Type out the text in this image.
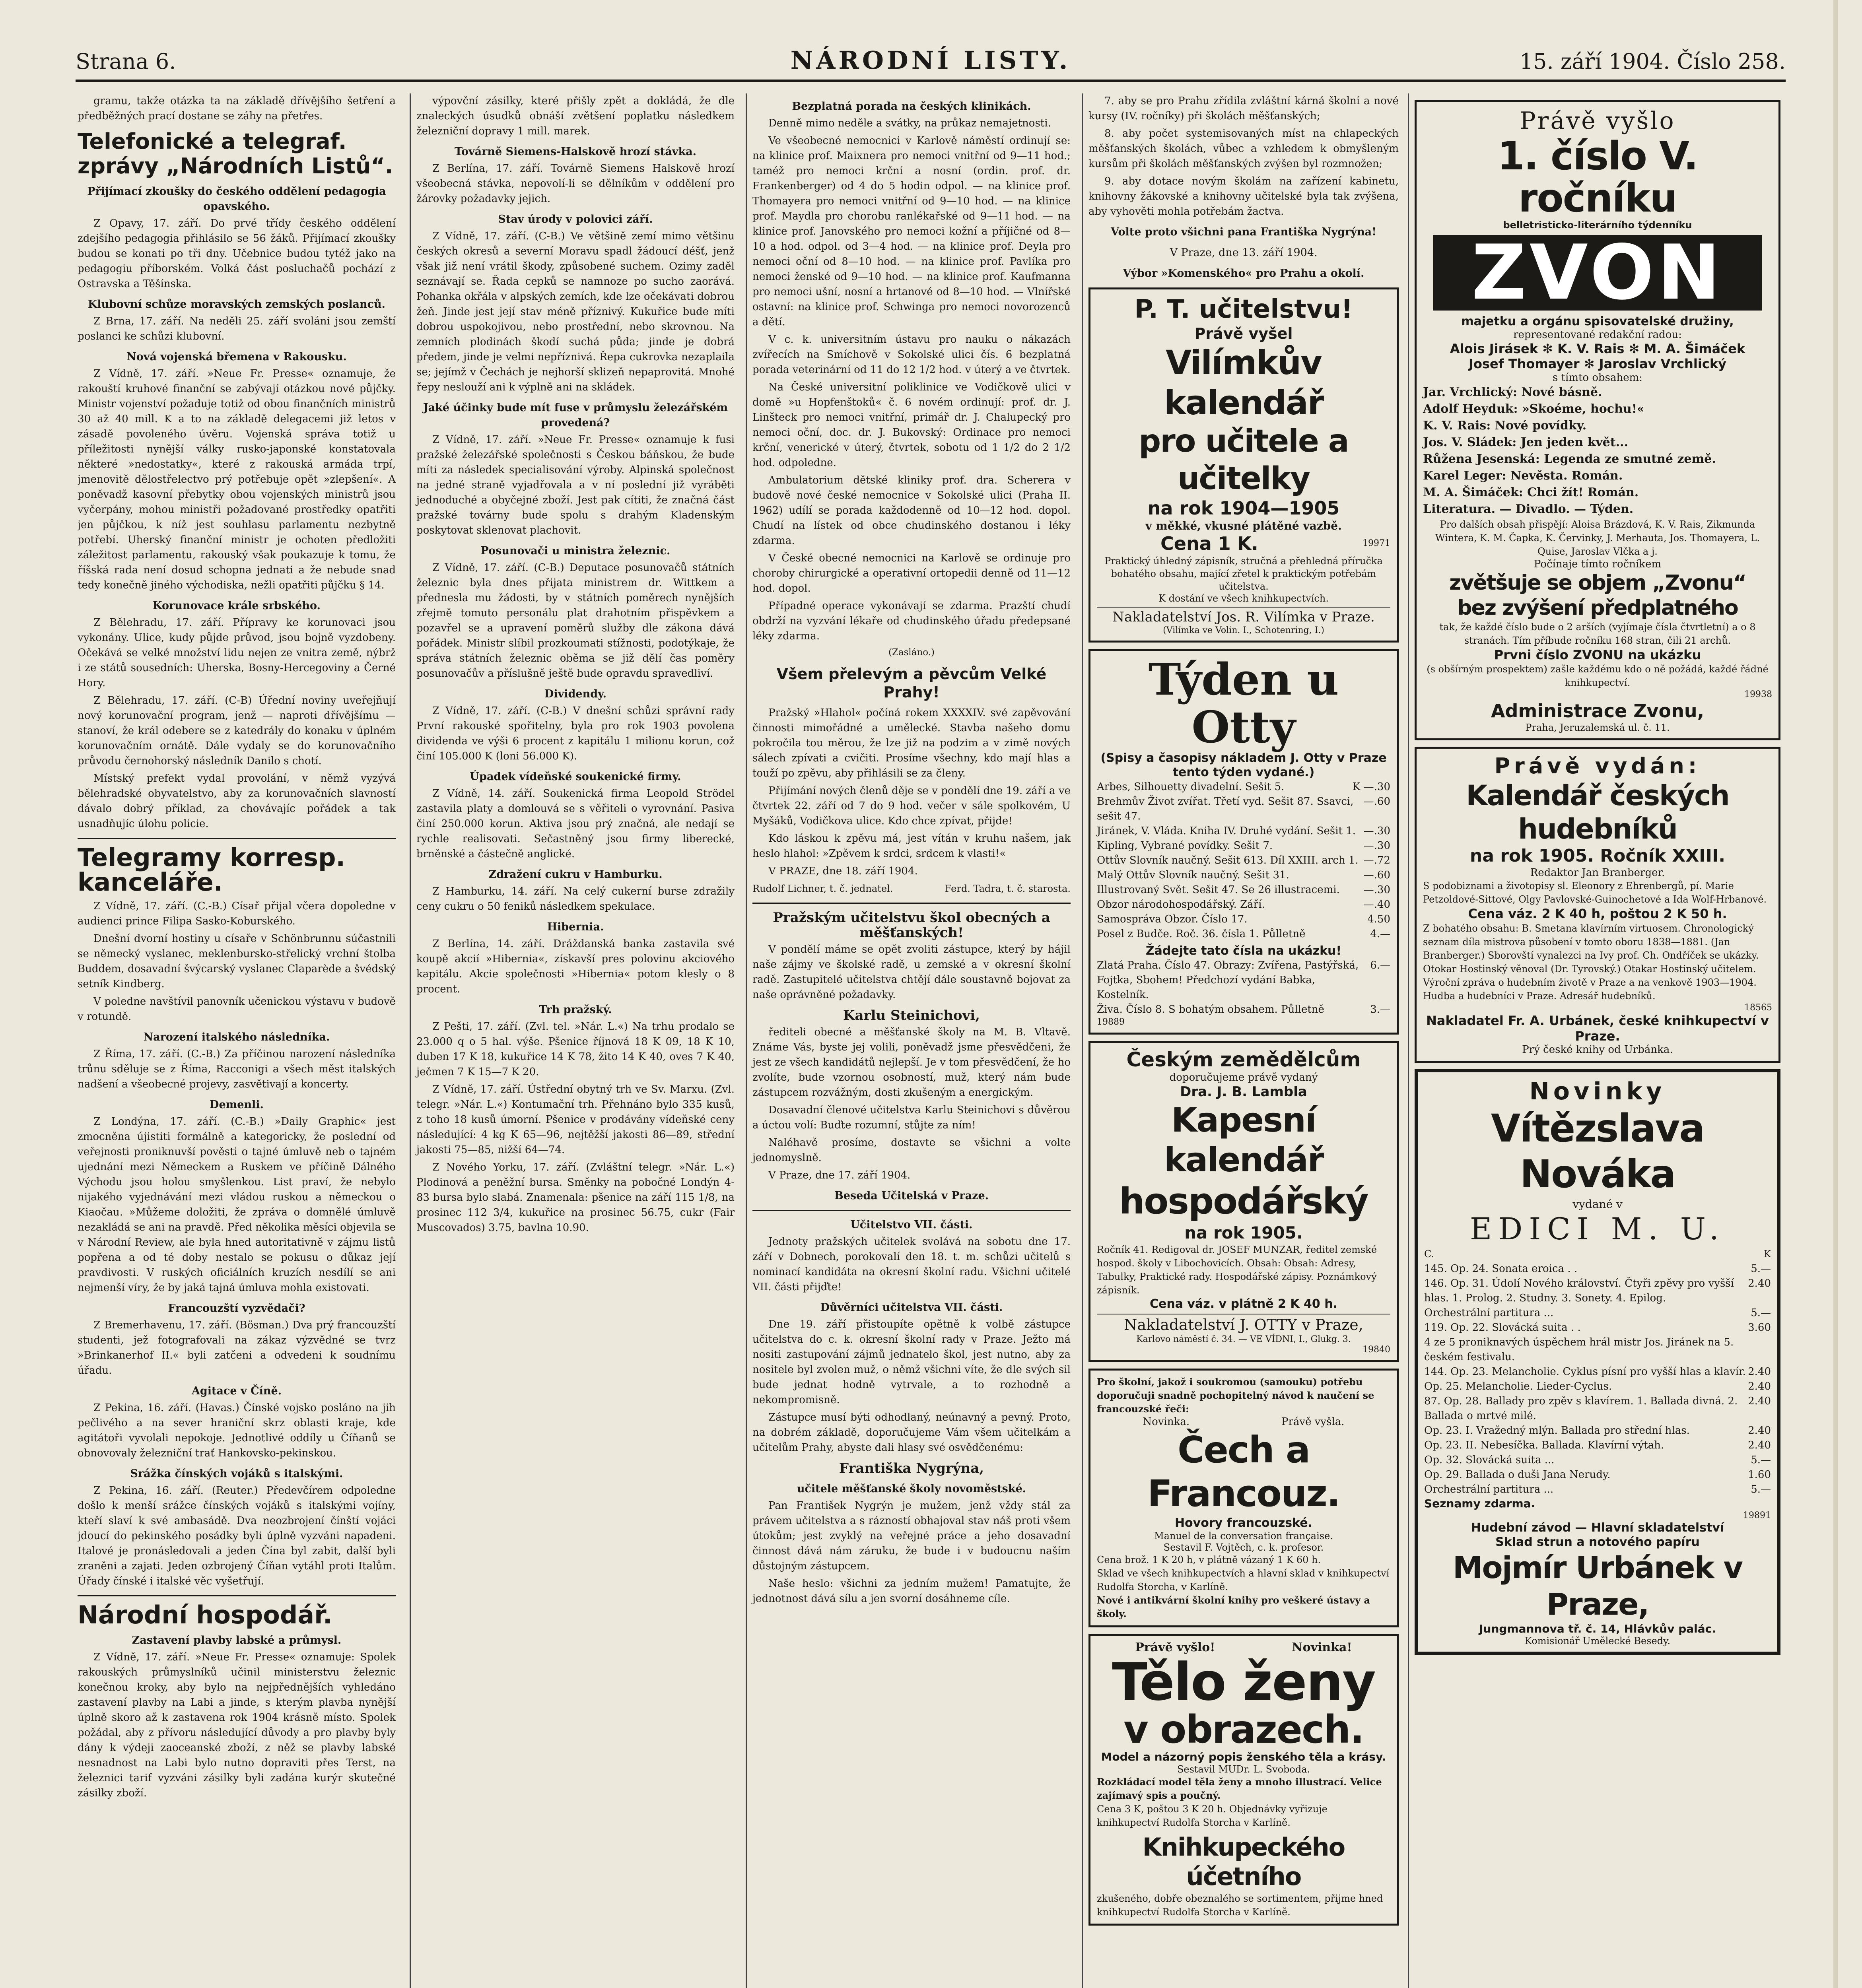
Strana 6.	NÁRODNÍ LISTY.	15. září 1904. Číslo 258.

gramu, takže otázka ta na základě dřívějšího šetření a předběžných prací dostane se záhy na přetřes.

Telefonické a telegraf. zprávy „Národních Listů“.
Přijímací zkoušky do českého oddělení pedagogia opavského.

Z Opavy, 17. září. Do prvé třídy českého oddělení zdejšího pedagogia přihlásilo se 56 žáků. Přijímací zkoušky budou se konati po tři dny. Učebnice budou tytéž jako na pedagogiu příborském. Volká část posluchačů pochází z Ostravska a Těšínska.

Klubovní schůze moravských zemských poslanců.

Z Brna, 17. září. Na neděli 25. září svoláni jsou zemští poslanci ke schůzi klubovní.

Nová vojenská břemena v Rakousku.

Z Vídně, 17. září. »Neue Fr. Presse« oznamuje, že rakouští kruhové finanční se zabývají otázkou nové půjčky. Ministr vojenství požaduje totiž od obou finančních ministrů 30 až 40 mill. K a to na základě delegacemi již letos v zásadě povoleného úvěru. Vojenská správa totiž u příležitosti nynější války rusko-japonské konstatovala některé »nedostatky«, které z rakouská armáda trpí, jmenovitě dělostřelectvo prý potřebuje opět »zlepšení«. A poněvadž kasovní přebytky obou vojenských ministrů jsou vyčerpány, mohou ministři požadované prostředky opatřiti jen půjčkou, k níž jest souhlasu parlamentu nezbytně potřebí. Uherský finanční ministr je ochoten předložiti záležitost parlamentu, rakouský však poukazuje k tomu, že říšská rada není dosud schopna jednati a že nebude snad tedy konečně jiného východiska, nežli opatřiti půjčku § 14.

Korunovace krále srbského.

Z Bělehradu, 17. září. Přípravy ke korunovaci jsou vykonány. Ulice, kudy půjde průvod, jsou bojně vyzdobeny. Očekává se velké množství lidu nejen ze vnitra země, nýbrž i ze států sousedních: Uherska, Bosny-Hercegoviny a Černé Hory.

Z Bělehradu, 17. září. (C-B) Úřední noviny uveřejňují nový korunovační program, jenž — naproti dřívějšímu — stanoví, že král odebere se z katedrály do konaku v úplném korunovačním ornátě. Dále vydaly se do korunovačního průvodu černohorský následník Danilo s chotí.

Místský prefekt vydal provolání, v němž vyzývá bělehradské obyvatelstvo, aby za korunovačních slavností dávalo dobrý příklad, za chovávajíc pořádek a tak usnadňujíc úlohu policie.

Telegramy korresp. kanceláře.

Z Vídně, 17. září. (C.-B.) Císař přijal včera dopoledne v audienci prince Filipa Sasko-Koburského.

Dnešní dvorní hostiny u císaře v Schönbrunnu súčastnili se německý vyslanec, meklenbursko-střelický vrchní štolba Buddem, dosavadní švýcarský vyslanec Claparède a švédský setník Kindberg.

V poledne navštívil panovník učenickou výstavu v budově v rotundě.

Narození italského následníka.

Z Říma, 17. září. (C.-B.) Za příčinou narození následníka trůnu sděluje se z Říma, Racconigi a všech měst italských nadšení a všeobecné projevy, zasvětivají a koncerty.

Demenli.

Z Londýna, 17. září. (C.-B.) »Daily Graphic« jest zmocněna újistiti formálně a kategoricky, že poslední od veřejnosti proniknuvší pověsti o tajné úmluvě neb o tajném ujednání mezi Německem a Ruskem ve příčině Dálného Východu jsou holou smyšlenkou. List praví, že nebylo nijakého vyjednávání mezi vládou ruskou a německou o Kiaočau. »Můžeme doložiti, že zpráva o domnělé úmluvě nezakládá se ani na pravdě. Před několika měsíci objevila se v Národní Review, ale byla hned autoritativně v zájmu listů popřena a od té doby nestalo se pokusu o důkaz její pravdivosti. V ruských oficiálních kruzích nesdílí se ani nejmenší víry, že by jaká tajná úmluva mohla existovati.

Francouzští vyzvědači?

Z Bremerhavenu, 17. září. (Bösman.) Dva prý francouzští studenti, jež fotografovali na zákaz výzvědné se tvrz »Brinkanerhof II.« byli zatčeni a odvedeni k soudnímu úřadu.

Agitace v Číně.

Z Pekina, 16. září. (Havas.) Čínské vojsko posláno na jih pečlivého a na sever hraniční skrz oblasti kraje, kde agitátoři vyvolali nepokoje. Jednotlivé oddíly u Číňanů se obnovovaly železniční trať Hankovsko-pekinskou.

Srážka čínských vojáků s italskými.

Z Pekina, 16. září. (Reuter.) Předevčírem odpoledne došlo k menší srážce čínských vojáků s italskými vojíny, kteří slaví k své ambasádě. Dva neozbrojení čínští vojáci jdoucí do pekinského posádky byli úplně vyzváni napadeni. Italové je pronásledovali a jeden Čína byl zabit, další byli zraněni a zajati. Jeden ozbrojený Číňan vytáhl proti Italům. Úřady čínské i italské věc vyšetřují.

Národní hospodář.
Zastavení plavby labské a průmysl.

Z Vídně, 17. září. »Neue Fr. Presse« oznamuje: Spolek rakouských průmyslníků učinil ministerstvu železnic konečnou kroky, aby bylo na nejpřednějších vyhledáno zastavení plavby na Labi a jinde, s kterým plavba nynější úplně skoro až k zastavena rok 1904 krásně místo. Spolek požádal, aby z přívoru následující důvody a pro plavby byly dány k výdeji zaoceanské zboží, z něž se plavby labské nesnadnost na Labi bylo nutno dopraviti přes Terst, na železnici tarif vyzváni zásilky byli zadána kurýr skutečné zásilky zboží.

výpovční zásilky, které přišly zpět a dokládá, že dle znaleckých úsudků obnáší zvětšení poplatku následkem železniční dopravy 1 mill. marek.

Továrně Siemens-Halskově hrozí stávka.

Z Berlína, 17. září. Továrně Siemens Halskově hrozí všeobecná stávka, nepovolí-li se dělníkům v oddělení pro žárovky požadavky jejich.

Stav úrody v polovici září.

Z Vídně, 17. září. (C-B.) Ve většině zemí mimo většinu českých okresů a severní Moravu spadl žádoucí déšť, jenž však již není vrátil škody, způsobené suchem. Ozimy zaděl seznávají se. Řada cepků se namnoze po sucho zaorává. Pohanka okřála v alpských zemích, kde lze očekávati dobrou žeň. Jinde jest její stav méně příznivý. Kukuřice bude míti dobrou uspokojivou, nebo prostřední, nebo skrovnou. Na zemních plodinách škodí suchá půda; jinde je dobrá předem, jinde je velmi nepříznivá. Řepa cukrovka nezaplaila se; jejímž v Čechách je nejhorší sklizeň nepaprovitá. Mnohé řepy neslouží ani k výplně ani na skládek.

Jaké účinky bude mít fuse v průmyslu železářském provedená?

Z Vídně, 17. září. »Neue Fr. Presse« oznamuje k fusi pražské železářské společnosti s Českou báňskou, že bude míti za následek specialisování výroby. Alpinská společnost na jedné straně vyjadřovala a v ní poslední již vyráběti jednoduché a obyčejné zboží. Jest pak cítiti, že značná část pražské továrny bude spolu s drahým Kladenským poskytovat sklenovat plachovit.

Posunovači u ministra železnic.

Z Vídně, 17. září. (C-B.) Deputace posunovačů státních železnic byla dnes přijata ministrem dr. Wittkem a přednesla mu žádosti, by v státních poměrech nynějších zřejmě tomuto personálu plat drahotním přispěvkem a pozavřel se a upravení poměrů služby dle zákona dává pořádek. Ministr slíbil prozkoumati stížnosti, podotýkaje, že správa státních železnic oběma se již dělí čas poměry posunovačův a příslušně ještě bude opravdu spravedliví.

Dividendy.

Z Vídně, 17. září. (C-B.) V dnešní schůzi správní rady První rakouské spořitelny, byla pro rok 1903 povolena dividenda ve výši 6 procent z kapitálu 1 milionu korun, což činí 105.000 K (loni 56.000 K).

Úpadek vídeňské soukenické firmy.

Z Vídně, 14. září. Soukenická firma Leopold Strödel zastavila platy a domlouvá se s věřiteli o vyrovnání. Pasiva činí 250.000 korun. Aktiva jsou prý značná, ale nedají se rychle realisovati. Sečastněný jsou firmy liberecké, brněnské a částečně anglické.

Zdražení cukru v Hamburku.

Z Hamburku, 14. září. Na celý cukerní burse zdražily ceny cukru o 50 feniků následkem spekulace.

Hibernia.

Z Berlína, 14. září. Dráždanská banka zastavila své koupě akcií »Hibernia«, získavší pres polovinu akciového kapitálu. Akcie společnosti »Hibernia« potom klesly o 8 procent.

Trh pražský.

Z Pešti, 17. září. (Zvl. tel. »Nár. L.«) Na trhu prodalo se 23.000 q o 5 hal. výše. Pšenice říjnová 18 K 09, 18 K 10, duben 17 K 18, kukuřice 14 K 78, žito 14 K 40, oves 7 K 40, ječmen 7 K 15—7 K 20.

Z Vídně, 17. září. Ústřední obytný trh ve Sv. Marxu. (Zvl. telegr. »Nár. L.«) Kontumační trh. Přehnáno bylo 335 kusů, z toho 18 kusů úmorní. Pšenice v prodávány vídeňské ceny následující: 4 kg K 65—96, nejtěžší jakosti 86—89, střední jakosti 75—85, nižší 64—74.

Z Nového Yorku, 17. září. (Zvláštní telegr. »Nár. L.«) Plodinová a peněžní bursa. Směnky na pobočné Londýn 4-83 bursa bylo slabá. Znamenala: pšenice na září 115 1/8, na prosinec 112 3/4, kukuřice na prosinec 56.75, cukr (Fair Muscovados) 3.75, bavlna 10.90.

Bezplatná porada na českých klinikách.

Denně mimo neděle a svátky, na průkaz nemajetnosti.

Ve všeobecné nemocnici v Karlově náměstí ordinují se: na klinice prof. Maixnera pro nemoci vnitřní od 9—11 hod.; taméž pro nemoci krční a nosní (ordin. prof. dr. Frankenberger) od 4 do 5 hodin odpol. — na klinice prof. Thomayera pro nemoci vnitřní od 9—10 hod. — na klinice prof. Maydla pro chorobu ranlékařské od 9—11 hod. — na klinice prof. Janovského pro nemoci kožní a příjičné od 8—10 a hod. odpol. od 3—4 hod. — na klinice prof. Deyla pro nemoci oční od 8—10 hod. — na klinice prof. Pavlíka pro nemoci ženské od 9—10 hod. — na klinice prof. Kaufmanna pro nemoci ušní, nosní a hrtanové od 8—10 hod. — Vlnířské ostavní: na klinice prof. Schwinga pro nemoci novorozenců a dětí.

V c. k. universitním ústavu pro nauku o nákazách zvířecích na Smíchově v Sokolské ulici čís. 6 bezplatná porada veterinární od 11 do 12 1/2 hod. v úterý a ve čtvrtek.

Na České universitní poliklinice ve Vodičkově ulici v domě »u Hopfenštoků« č. 6 novém ordinují: prof. dr. J. Linšteck pro nemoci vnitřní, primář dr. J. Chalupecký pro nemoci oční, doc. dr. J. Bukovský: Ordinace pro nemoci krční, venerické v úterý, čtvrtek, sobotu od 1 1/2 do 2 1/2 hod. odpoledne.

Ambulatorium dětské kliniky prof. dra. Scherera v budově nové české nemocnice v Sokolské ulici (Praha II. 1962) udílí se porada každodenně od 10—12 hod. dopol. Chudí na lístek od obce chudinského dostanou i léky zdarma.

V České obecné nemocnici na Karlově se ordinuje pro choroby chirurgické a operativní ortopedii denně od 11—12 hod. dopol.

Případné operace vykonávají se zdarma. Prazští chudí obdrží na vyzvání lékaře od chudinského úřadu předepsané léky zdarma.

(Zasláno.)
Všem přelevým a pěvcům Velké Prahy!

Pražský »Hlahol« počíná rokem XXXXIV. své zapěvování činnosti mimořádné a umělecké. Stavba našeho domu pokročila tou měrou, že lze již na podzim a v zimě nových sálech zpívati a cvičiti. Prosíme všechny, kdo mají hlas a touží po zpěvu, aby přihlásili se za členy.

Přijímání nových členů děje se v pondělí dne 19. září a ve čtvrtek 22. září od 7 do 9 hod. večer v sále spolkovém, U Myšáků, Vodičkova ulice. Kdo chce zpívat, přijde!

Kdo láskou k zpěvu má, jest vítán v kruhu našem, jak heslo hlahol: »Zpěvem k srdci, srdcem k vlasti!«

V PRAZE, dne 18. září 1904.

Rudolf Lichner, t. č. jednatel.	Ferd. Tadra, t. č. starosta.
Pražským učitelstvu škol obecných a měšťanských!

V pondělí máme se opět zvoliti zástupce, který by hájil naše zájmy ve školské radě, u zemské a v okresní školní radě. Zastupitelé učitelstva chtějí dále soustavně bojovat za naše oprávněné požadavky.

Karlu Steinichovi,

řediteli obecné a měšťanské školy na M. B. Vltavě. Známe Vás, byste jej volili, poněvadž jsme přesvědčeni, že jest ze všech kandidátů nejlepší. Je v tom přesvědčení, že ho zvolíte, bude vzornou osobností, muž, který nám bude zástupcem rozvážným, dosti zkušeným a energickým.

Dosavadní členové učitelstva Karlu Steinichovi s důvěrou a úctou volí: Buďte rozumní, stůjte za ním!

Naléhavě prosíme, dostavte se všichni a volte jednomyslně.

V Praze, dne 17. září 1904.

Beseda Učitelská v Praze.
Učitelstvo VII. části.

Jednoty pražských učitelek svolává na sobotu dne 17. září v Dobnech, porokovalí den 18. t. m. schůzi učitelů s nominací kandidáta na okresní školní radu. Všichni učitelé VII. části přijďte!

Důvěrníci učitelstva VII. části.

Dne 19. září přistoupíte opětně k volbě zástupce učitelstva do c. k. okresní školní rady v Praze. Ježto má nositi zastupování zájmů jednatelo škol, jest nutno, aby za nositele byl zvolen muž, o němž všichni víte, že dle svých sil bude jednat hodně vytrvale, a to rozhodně a nekompromisně.

Zástupce musí býti odhodlaný, neúnavný a pevný. Proto, na dobrém základě, doporučujeme Vám všem učitelkám a učitelům Prahy, abyste dali hlasy své osvědčenému:

Františka Nygrýna,
učitele měšťanské školy novoměstské.

Pan František Nygrýn je mužem, jenž vždy stál za právem učitelstva a s rázností obhajoval stav náš proti všem útokům; jest zvyklý na veřejné práce a jeho dosavadní činnost dává nám záruku, že bude i v budoucnu naším důstojným zástupcem.

Naše heslo: všichni za jedním mužem! Pamatujte, že jednotnost dává sílu a jen svorní dosáhneme cíle.

7. aby se pro Prahu zřídila zvláštní kárná školní a nové kursy (IV. ročníky) při školách měšťanských;

8. aby počet systemisovaných míst na chlapeckých měšťanských školách, vůbec a vzhledem k obmyšleným kursům při školách měšťanských zvýšen byl rozmnožen;

9. aby dotace novým školám na zařízení kabinetu, knihovny žákovské a knihovny učitelské byla tak zvýšena, aby vyhověti mohla potřebám žactva.

Volte proto všichni pana Františka Nygrýna!
V Praze, dne 13. září 1904.
Výbor »Komenského« pro Prahu a okolí.
P. T. učitelstvu!
Právě vyšel
Vilímkův kalendář
pro učitele a učitelky
na rok 1904—1905
v měkké, vkusné plátěné vazbě.
Cena 1 K.	19971
Praktický úhledný zápisník, stručná a přehledná příručka bohatého obsahu, mající zřetel k praktickým potřebám učitelstva.
K dostání ve všech knihkupectvích.
Nakladatelství Jos. R. Vilímka v Praze.
(Vilímka ve Volin. I., Schotenring, I.)
Týden u Otty
(Spisy a časopisy nákladem J. Otty v Praze tento týden vydané.)
Arbes, Silhouetty divadelní. Sešit 5.	K —.30
Brehmův Život zvířat. Třetí vyd. Sešit 87. Ssavci, sešit 47.
—.60
Jiránek, V. Vláda. Kniha IV. Druhé vydání. Sešit 1. —.30
Kipling, Vybrané povídky. Sešit 7.	—.30
Ottův Slovník naučný. Sešit 613. Díl XXIII. arch 1. —.72
Malý Ottův Slovník naučný. Sešit 31.	—.60
Illustrovaný Svět. Sešit 47. Se 26 illustracemi. —.30
Obzor národohospodářský. Září.	—.40
Samospráva Obzor. Číslo 17.	4.50
Posel z Budče. Roč. 36. čísla 1. Půlletně	4.—
Žádejte tato čísla na ukázku!
Zlatá Praha. Číslo 47. Obrazy: Zvířena, Pastýřská, Fojtka, Sbohem! Předchozí vydání Babka, Kostelník.
6.—
Živa. Číslo 8. S bohatým obsahem. Půlletně	3.—
19889
Českým zemědělcům
doporučujeme právě vydaný
Dra. J. B. Lambla
Kapesní kalendář
hospodářský
na rok 1905.
Ročník 41. Redigoval dr. JOSEF MUNZAR, ředitel zemské hospod. školy v Libochovicích. Obsah: Obsah: Adresy, Tabulky, Praktické rady. Hospodářské zápisy. Poznámkový zápisník.
Cena váz. v plátně 2 K 40 h.
Nakladatelství J. OTTY v Praze,
Karlovo náměstí č. 34. — VE VÍDNI, I., Glukg. 3.
19840
Pro školní, jakož i soukromou (samouku) potřebu doporučuji snadně pochopitelný návod k naučení se francouzské řeči:
Novinka.	Právě vyšla.
Čech a Francouz.
Hovory francouzské.
Manuel de la conversation française.
Sestavil F. Vojtěch, c. k. profesor.
Cena brož. 1 K 20 h, v plátně vázaný 1 K 60 h.
Sklad ve všech knihkupectvích a hlavní sklad v knihkupectví Rudolfa Storcha, v Karlíně.
Nové i antikvární školní knihy pro veškeré ústavy a školy.
Právě vyšlo!	Novinka!
Tělo ženy
v obrazech.
Model a názorný popis ženského těla a krásy.
Sestavil MUDr. L. Svoboda.
Rozkládací model těla ženy a mnoho illustrací. Velice zajímavý spis a poučný.
Cena 3 K, poštou 3 K 20 h. Objednávky vyřizuje knihkupectví Rudolfa Storcha v Karlíně.
Knihkupeckého účetního
zkušeného, dobře obeznalého se sortimentem, přijme hned knihkupectví Rudolfa Storcha v Karlíně.
Právě vyšlo
1. číslo V. ročníku
belletristicko-literárního týdenníku
ZVON
majetku a orgánu spisovatelské družiny,
representované redakční radou:
Alois Jirásek ✻ K. V. Rais ✻ M. A. Šimáček
Josef Thomayer ✻ Jaroslav Vrchlický
s tímto obsahem:
Jar. Vrchlický: Nové básně.
Adolf Heyduk: »Skoéme, hochu!«
K. V. Rais: Nové povídky.
Jos. V. Sládek: Jen jeden květ...
Růžena Jesenská: Legenda ze smutné země.
Karel Leger: Nevěsta. Román.
M. A. Šimáček: Chci žít! Román.
Literatura. — Divadlo. — Týden.
Pro dalších obsah přispějí: Aloisa Brázdová, K. V. Rais, Zikmunda Wintera, K. M. Čapka, K. Červinky, J. Merhauta, Jos. Thomayera, L. Quise, Jaroslav Vlčka a j.
Počínaje tímto ročníkem
zvětšuje se objem „Zvonu“
bez zvýšení předplatného
tak, že každé číslo bude o 2 arších (vyjímaje čísla čtvrtletní) a o 8 stranách. Tím příbude ročníku 168 stran, čili 21 archů.
Prvni číslo ZVONU na ukázku
(s obšírným prospektem) zašle každému kdo o ně požádá, každé řádné knihkupectví.
19938
Administrace Zvonu,
Praha, Jeruzalemská ul. č. 11.
Právě vydán:
Kalendář českých hudebníků
na rok 1905. Ročník XXIII.
Redaktor Jan Branberger.
S podobiznami a životopisy sl. Eleonory z Ehrenbergů, pí. Marie Petzoldové-Sittové, Olgy Pavlovské-Guinochetové a Ida Wolf-Hrbanové.
Cena váz. 2 K 40 h, poštou 2 K 50 h.
Z bohatého obsahu: B. Smetana klavírním virtuosem. Chronologický seznam díla mistrova působení v tomto oboru 1838—1881. (Jan Branberger.) Sborovští vynalezci na Ivy prof. Ch. Ondříček se ukázky. Otokar Hostinský věnoval (Dr. Tyrovský.) Otakar Hostinský učitelem. Výroční zpráva o hudebním životě v Praze a na venkově 1903—1904. Hudba a hudebníci v Praze. Adresář hudebníků.
18565
Nakladatel Fr. A. Urbánek, české knihkupectví v Praze.
Prý české knihy od Urbánka.
Novinky
Vítězslava Nováka
vydané v
EDICI M. U.
C.	K
145. Op. 24. Sonata eroica . .	5.—
146. Op. 31. Údolí Nového království. Čtyři zpěvy pro vyšší hlas. 1. Prolog. 2. Studny. 3. Sonety. 4. Epilog.
2.40
Orchestrální partitura ...	5.—
119. Op. 22. Slovácká suita . .	3.60
4 ze 5 proniknavých úspěchem hrál mistr Jos. Jiránek na 5. českém festivalu.
144. Op. 23. Melancholie. Cyklus písní pro vyšší hlas a klavír. 2.40
Op. 25. Melancholie. Lieder-Cyclus.	2.40
87. Op. 28. Ballady pro zpěv s klavírem. 1. Ballada divná. 2. Ballada o mrtvé milé.
2.40
Op. 23. I. Vražedný mlýn. Ballada pro střední hlas.	2.40
Op. 23. II. Nebesíčka. Ballada. Klavírní výtah.	2.40
Op. 32. Slovácká suita ...	5.—
Op. 29. Ballada o duši Jana Nerudy.	1.60
Orchestrální partitura ...	5.—
Seznamy zdarma.
19891
Hudební závod — Hlavní skladatelství
Sklad strun a notového papíru
Mojmír Urbánek v Praze,
Jungmannova tř. č. 14, Hlávkův palác.
Komisionář Umělecké Besedy.
